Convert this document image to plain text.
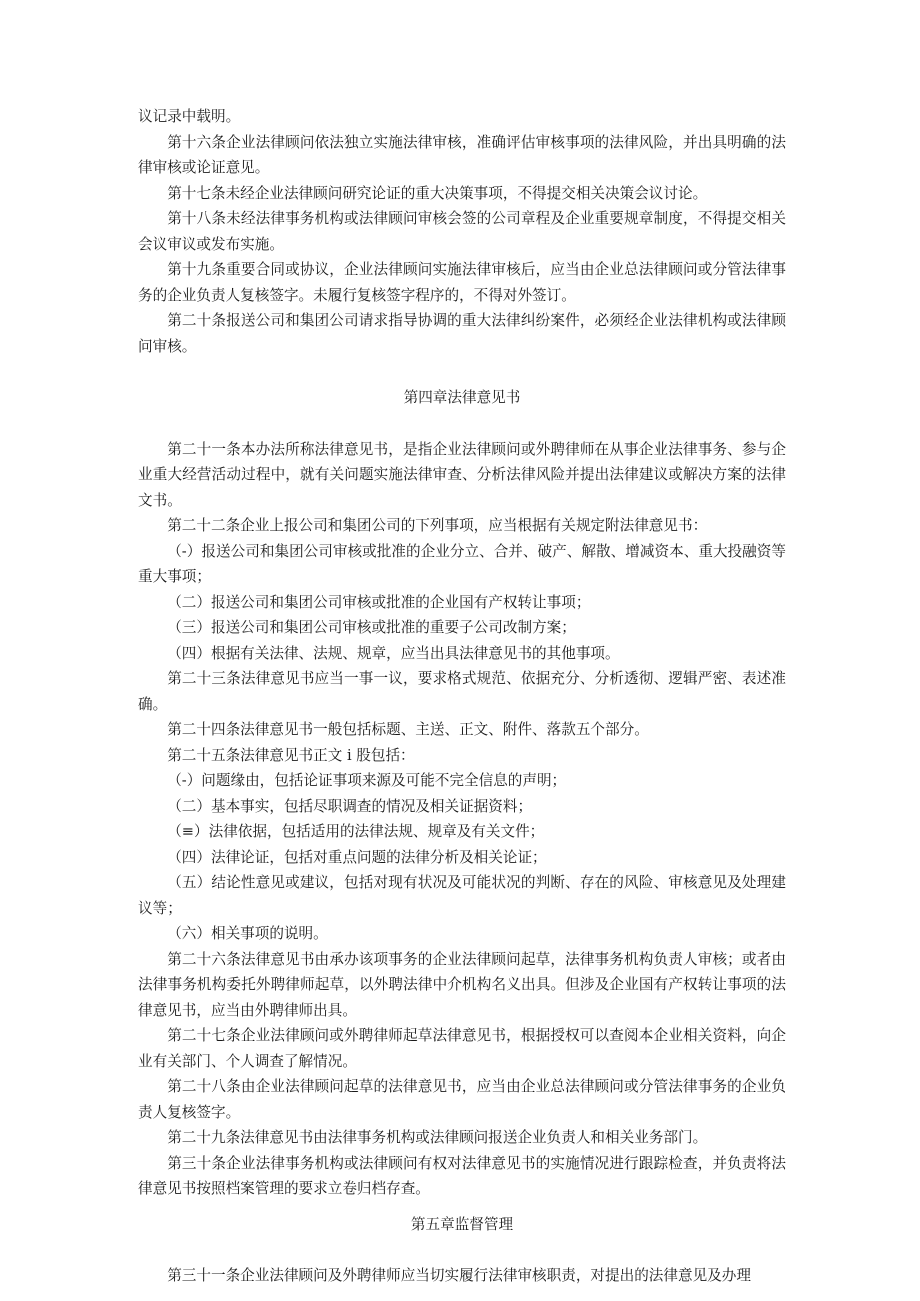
议记录中载明。

第十六条企业法律顾问依法独立实施法律审核，准确评估审核事项的法律风险，并出具明确的法律审核或论证意见。

第十七条未经企业法律顾问研究论证的重大决策事项，不得提交相关决策会议讨论。

第十八条未经法律事务机构或法律顾问审核会签的公司章程及企业重要规章制度，不得提交相关会议审议或发布实施。

第十九条重要合同或协议，企业法律顾问实施法律审核后，应当由企业总法律顾问或分管法律事务的企业负责人复核签字。未履行复核签字程序的，不得对外签订。

第二十条报送公司和集团公司请求指导协调的重大法律纠纷案件，必须经企业法律机构或法律顾问审核。

第四章法律意见书

第二十一条本办法所称法律意见书，是指企业法律顾问或外聘律师在从事企业法律事务、参与企业重大经营活动过程中，就有关问题实施法律审查、分析法律风险并提出法律建议或解决方案的法律文书。

第二十二条企业上报公司和集团公司的下列事项，应当根据有关规定附法律意见书：

（-）报送公司和集团公司审核或批准的企业分立、合并、破产、解散、增减资本、重大投融资等重大事项；

（二）报送公司和集团公司审核或批准的企业国有产权转让事项；

（三）报送公司和集团公司审核或批准的重要子公司改制方案；

（四）根据有关法律、法规、规章，应当出具法律意见书的其他事项。

第二十三条法律意见书应当一事一议，要求格式规范、依据充分、分析透彻、逻辑严密、表述准确。

第二十四条法律意见书一般包括标题、主送、正文、附件、落款五个部分。

第二十五条法律意见书正文 i 股包括：

（-）问题缘由，包括论证事项来源及可能不完全信息的声明；

（二）基本事实，包括尽职调查的情况及相关证据资料；

（≡）法律依据，包括适用的法律法规、规章及有关文件；

（四）法律论证，包括对重点问题的法律分析及相关论证；

（五）结论性意见或建议，包括对现有状况及可能状况的判断、存在的风险、审核意见及处理建议等；

（六）相关事项的说明。

第二十六条法律意见书由承办该项事务的企业法律顾问起草，法律事务机构负责人审核；或者由法律事务机构委托外聘律师起草，以外聘法律中介机构名义出具。但涉及企业国有产权转让事项的法律意见书，应当由外聘律师出具。

第二十七条企业法律顾问或外聘律师起草法律意见书，根据授权可以查阅本企业相关资料，向企业有关部门、个人调查了解情况。

第二十八条由企业法律顾问起草的法律意见书，应当由企业总法律顾问或分管法律事务的企业负责人复核签字。

第二十九条法律意见书由法律事务机构或法律顾问报送企业负责人和相关业务部门。

第三十条企业法律事务机构或法律顾问有权对法律意见书的实施情况进行跟踪检查，并负责将法律意见书按照档案管理的要求立卷归档存查。

第五章监督管理

第三十一条企业法律顾问及外聘律师应当切实履行法律审核职责，对提出的法律意见及办理
